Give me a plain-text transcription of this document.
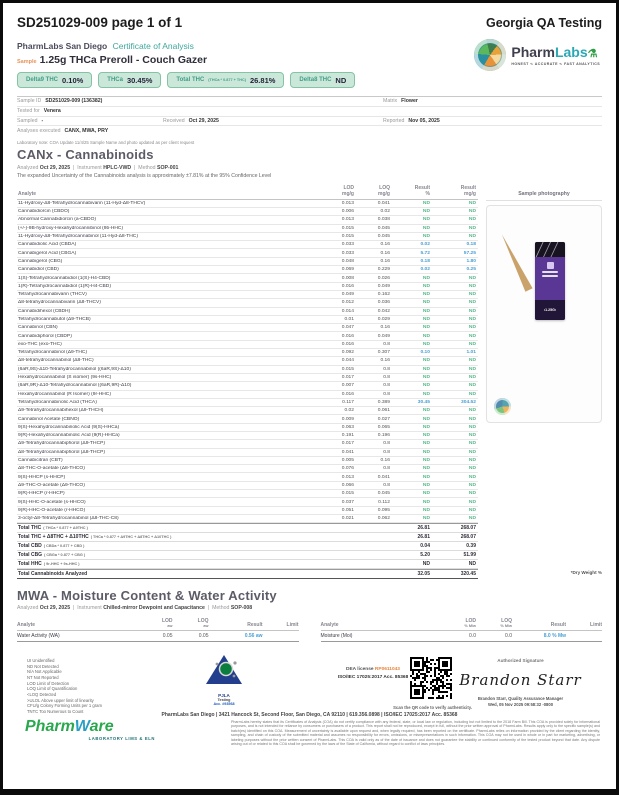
SD251029-009 page 1 of 1	Georgia QA Testing
PharmLabs San Diego Certificate of Analysis	PharmLabs⚗
HONEST ∿ ACCURATE ∿ FAST ANALYTICS
Sample 1.25g THCa Preroll - Couch Gazer
Delta9 THC 0.10%	THCa 30.45%	Total THC (THCa * 0.877 + THC) 26.81%	Delta8 THC ND
Sample ID SD251029-009 (136382)	Matrix Flower
Tested for Venera
Sampled -	Received Oct 29, 2025	Reported Nov 05, 2025
Analyses executed CANX, MWA, PRY
Laboratory note: COA Update 11/4/25 Sample Name and photo updated as per client request
CANx - Cannabinoids
Analyzed Oct 29, 2025  |  Instrument HPLC-VWD  |  Method SOP-001
The expanded Uncertainty of the Cannabinoids analysis is approximately ±7.81% at the 95% Confidence Level
Analyte
LOD
mg/g
LOQ
mg/g
Result
%
Result
mg/g
11-Hydroxy-Δ8-Tetrahydrocannabivarin (11-Hyd-Δ8-THCV)	0.013	0.041	ND	ND
Cannabidiorcin (CBDO)	0.006	0.02	ND	ND
Abnormal Cannabidiorcin (a-CBDO)	0.013	0.038	ND	ND
(+/-)-9B-hydroxy-Hexahydrocannibinol (9b-HHC)	0.015	0.045	ND	ND
11-Hydroxy-Δ8-Tetrahydrocannabinol (11-Hyd-Δ8-THC)	0.015	0.045	ND	ND
Cannabidiolic Acid (CBDA)	0.033	0.16	0.02	0.18
Cannabigerol Acid (CBGA)	0.033	0.16	5.72	57.25
Cannabigerol (CBG)	0.048	0.16	0.18	1.80
Cannabidiol (CBD)	0.069	0.229	0.02	0.25
1(S)-Tetrahydrocannabidiol (1(S)-H4-CBD)	0.008	0.026	ND	ND
1(R)-Tetrahydrocannabidiol (1(R)-H4-CBD)	0.016	0.049	ND	ND
Tetrahydrocannabivarin (THCV)	0.049	0.162	ND	ND
Δ8-tetrahydrocannabivarin (Δ8-THCV)	0.012	0.036	ND	ND
Cannabidihexol (CBDH)	0.014	0.042	ND	ND
Tetrahydrocannabutol (Δ9-THCB)	0.01	0.029	ND	ND
Cannabinol (CBN)	0.047	0.16	ND	ND
Cannabidiphorol (CBDP)	0.016	0.049	ND	ND
exo-THC (exo-THC)	0.016	0.8	ND	ND
Tetrahydrocannabinol (Δ9-THC)	0.092	0.307	0.10	1.01
Δ8-tetrahydrocannabinol (Δ8-THC)	0.044	0.16	ND	ND
(6aR,9S)-Δ10-Tetrahydrocannabinol ((6aR,9S)-Δ10)	0.015	0.8	ND	ND
Hexahydrocannabinol (S isomer) (9s-HHC)	0.017	0.8	ND	ND
(6aR,9R)-Δ10-Tetrahydrocannabinol ((6aR,9R)-Δ10)	0.007	0.8	ND	ND
Hexahydrocannabinol (R Isomer) (9r-HHC)	0.016	0.8	ND	ND
Tetrahydrocannabinolic Acid (THCA)	0.117	0.389	30.45	304.52
Δ9-Tetrahydrocannabihexol (Δ9-THCH)	0.02	0.061	ND	ND
Cannabinol Acetate (CBNO)	0.009	0.027	ND	ND
9(S)-Hexahydrocannabinolic Acid (9(S)-HHCa)	0.063	0.065	ND	ND
9(R)-Hexahydrocannabinolic Acid (9(R)-HHCa)	0.191	0.196	ND	ND
Δ9-Tetrahydrocannabiphorol (Δ9-THCP)	0.017	0.8	ND	ND
Δ8-Tetrahydrocannabiphorol (Δ8-THCP)	0.041	0.8	ND	ND
Cannabicitran (CBT)	0.005	0.16	ND	ND
Δ8-THC-O-acetate (Δ8-THCO)	0.076	0.8	ND	ND
9(S)-HHCP (s-HHCP)	0.013	0.041	ND	ND
Δ9-THC-O-acetate (Δ9-THCO)	0.066	0.8	ND	ND
9(R)-HHCP (r-HHCP)	0.015	0.045	ND	ND
9(S)-HHC-O-acetate (s-HHCO)	0.037	0.112	ND	ND
9(R)-HHC-O-acetate (r-HHCO)	0.051	0.095	ND	ND
3-octyl-Δ8-Tetrahydrocannabinol (Δ8-THC-C8)	0.021	0.062	ND	ND
Total THC ( THCa * 0.877 + Δ9THC )	26.81	268.07
Total THC + Δ8THC + Δ10THC ( THCa * 0.877 + Δ9THC + Δ8THC + Δ10THC )	26.81	268.07
Total CBD ( CBDa * 0.877 + CBD )	0.04	0.39
Total CBG ( CBGa * 0.877 + CBG )	5.20	51.99
Total HHC ( 9r-HHC + 9s-HHC )	ND	ND
Total Cannabinoids Analyzed	32.05	320.45
Sample photography
•1.25G•
*Dry Weight %
MWA - Moisture Content & Water Activity
Analyzed Oct 29, 2025  |  Instrument Chilled-mirror Dewpoint and Capacitance  |  Method SOP-008
Analyte
LOD
aw
LOQ
aw	Result	Limit
Water Activity (WA)	0.05	0.05	0.56 aw
Analyte
LOD
% M/w
LOQ
% M/w	Result	Limit
Moisture (Moi)	0.0	0.0	8.0 % Mw
UI Unidentified
ND Not Detected
N/A Not Applicable
NT Not Reported
LOD Limit of Detection
LOQ Limit of Quantification
<LOQ Detected
>ULOL Above upper limit of linearity
CFU/g Colony Forming Units per 1 gram
TNTC Too Numerous to Count
PJLA
Testing
Acc. #93568
DEA license RP0611043
ISO/IEC 17025:2017 Acc. 85368
Scan the QR code to verify authenticity.
Authorized Signature
Brandon Starr
Brandon Starr, Quality Assurance Manager
Wed, 05 Nov 2025 09:58:32 -0800
PharmLabs San Diego | 3421 Hancock St, Second Floor, San Diego, CA 92110 | 619.356.0898 | ISO/IEC 17025:2017 Acc. 85368
PharmWare
LABORATORY LIMS & ELN
PharmLabs hereby states that its Certificates of Analysis (COA) do not certify compliance with any federal, state, or local law or regulation, including but not limited to the 2018 Farm Bill. This COA is provided solely for informational purposes, and is not intended for reliance by consumers or purchasers of a product. This report shall not be reproduced, except in full, without the prior written approval of PharmLabs. Results apply only to the specific sample(s) and batch(es) identified on this COA. Measurement of uncertainty is available upon request and, when legally required, has been reported on the certificate. PharmLabs relies on information provided by the client regarding the identity, sampling, and chain of custody of the submitted material and assumes no responsibility for errors, omissions, or misrepresentations in such information. This COA may not be used in whole or in part for marketing, advertising, or labeling purposes without the prior written consent of PharmLabs. This COA is valid only as of the date of issuance and does not guarantee the stability or continued conformity of the tested product beyond that date. Any dispute arising out of or related to this COA shall be governed by the laws of the State of California, without regard to conflict of laws principles.
